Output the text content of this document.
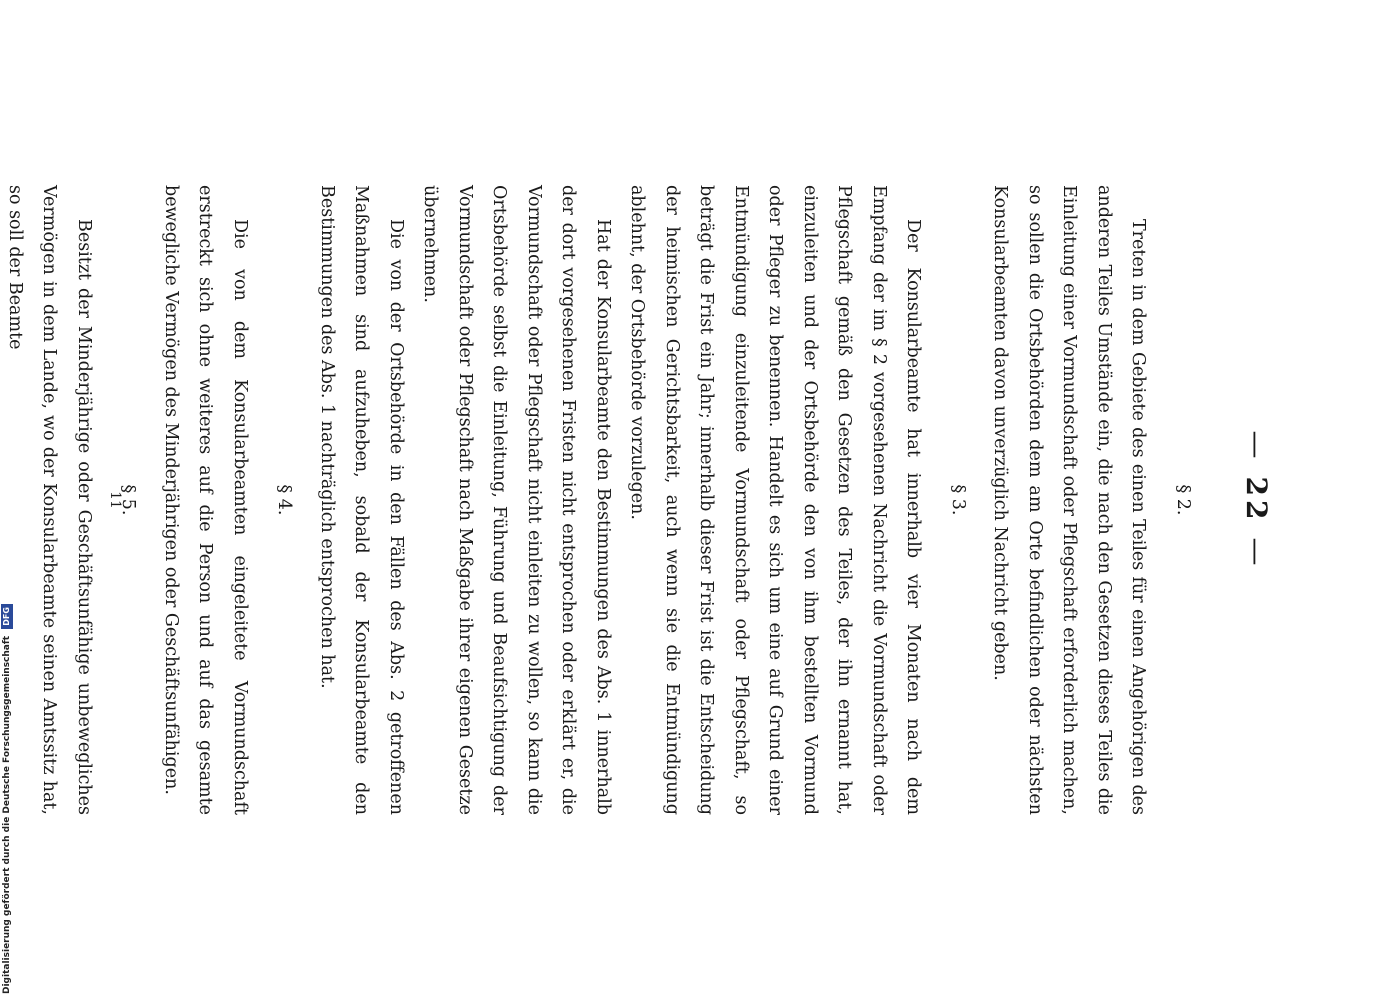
—22—
§ 2.

Treten in dem Gebiete des einen Teiles für einen Angehörigen des anderen Teiles Umstände ein, die nach den Gesetzen dieses Teiles die Einleitung einer Vormundschaft oder Pflegschaft erforderlich machen, so sollen die Ortsbehörden dem am Orte befindlichen oder nächsten Konsularbeamten davon unverzüglich Nachricht geben.

§ 3.

Der Konsularbeamte hat innerhalb vier Monaten nach dem Empfang der im § 2 vorgesehenen Nachricht die Vormundschaft oder Pflegschaft gemäß den Gesetzen des Teiles, der ihn ernannt hat, einzuleiten und der Ortsbehörde den von ihm bestellten Vormund oder Pfleger zu benennen. Handelt es sich um eine auf Grund einer Entmündigung einzuleitende Vormundschaft oder Pflegschaft, so beträgt die Frist ein Jahr; innerhalb dieser Frist ist die Entscheidung der heimischen Gerichtsbarkeit, auch wenn sie die Entmündigung ablehnt, der Ortsbehörde vorzulegen.

Hat der Konsularbeamte den Bestimmungen des Abs. 1 innerhalb der dort vorgesehenen Fristen nicht entsprochen oder erklärt er, die Vormundschaft oder Pflegschaft nicht einleiten zu wollen, so kann die Ortsbehörde selbst die Einleitung, Führung und Beaufsichtigung der Vormundschaft oder Pflegschaft nach Maßgabe ihrer eigenen Gesetze übernehmen.

Die von der Ortsbehörde in den Fällen des Abs. 2 getroffenen Maßnahmen sind aufzuheben, sobald der Konsularbeamte den Bestimmungen des Abs. 1 nachträglich entsprochen hat.

§ 4.

Die von dem Konsularbeamten eingeleitete Vormundschaft erstreckt sich ohne weiteres auf die Person und auf das gesamte bewegliche Vermögen des Minderjährigen oder Geschäftsunfähigen.

§ 5.

Besitzt der Minderjährige oder Geschäftsunfähige unbewegliches Vermögen in dem Lande, wo der Konsularbeamte seinen Amtssitz hat, so soll der Beamte

11
Digitalisierung gefördert durch die Deutsche Forschungsgemeinschaft DFG
